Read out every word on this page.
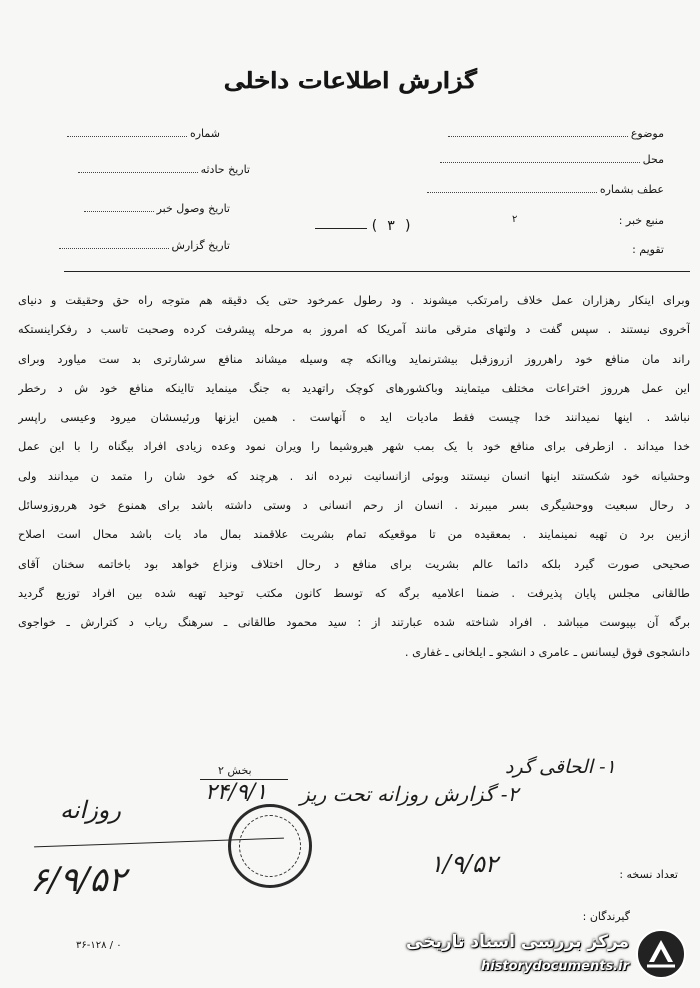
گزارش اطلاعات داخلی
شماره
تاریخ حادثه
تاریخ وصول خبر
تاریخ گزارش
موضوع
محل
عطف بشماره
منبع خبر :
۲
تقویم :
( ۳ )
وبرای اینکار رهزاران عمل خلاف رامرتکب میشوند . ود رطول عمرخود حتی یک دقیقه هم متوجه راه حق وحقیقت و دنیای
آخروی نیستند . سپس گفت د ولتهای مترقی مانند آمریکا که امروز به مرحله پیشرفت کرده وصحبت تاسب د رفکراینستکه
راند مان منافع خود راهرروز ازروزقبل بیشترنماید ویاانکه چه وسیله میشاند منافع سرشارتری بد ست میاورد وبرای
این عمل هرروز اختراعات مختلف میتمایند وباکشورهای کوچک راتهدید به جنگ مینماید تااینکه منافع خود ش د رخطر
نباشد . اینها نمیدانند خدا چیست فقط مادیات اید ه آنهاست . همین ایزنها ورئیسشان میرود وعیسی راپسر
خدا میداند . ازطرفی برای منافع خود با یک بمب شهر هیروشیما را ویران نمود وعده زیادی افراد بیگناه را با این عمل
وحشیانه خود شکستند اینها انسان نیستند وبوئی ازانسانیت نبرده اند . هرچند که خود شان را متمد ن میدانند ولی
د رحال سبعیت ووحشیگری بسر میبرند . انسان از رحم انسانی د وستی داشته باشد برای همنوع خود هرروزوسائل
ازبین برد ن تهیه نمینمایند . بمعقیده من تا موقعیکه تمام بشریت علاقمند بمال ماد یات باشد محال است اصلاح
صحیحی صورت گیرد بلکه دائما عالم بشریت برای منافع د رحال اختلاف ونزاع خواهد بود باخاتمه سخنان آقای
طالقانی مجلس پایان پذیرفت . ضمنا اعلامیه برگه که توسط کانون مکتب توحید تهیه شده بین افراد توزیع گردید
برگه آن بپیوست میباشد . افراد شناخته شده عبارتند از : سید محمود طالقانی ـ سرهنگ ریاب د کترارش ـ خواجوی
دانشجوی فوق لیسانس ـ عامری د انشجو ـ ایلخانی ـ غفاری .
بخش ۲
۲۴/۹/۱
۱- الحاقی گرد
۲- گزارش روزانه تحت ریز
روزانه
۶/۹/۵۲	۱/۹/۵۲	تعداد نسخه :
گیرندگان :
۳۶-۱۲۸ / ۰	مرکز بررسی اسناد تاریخی
historydocuments.ir
